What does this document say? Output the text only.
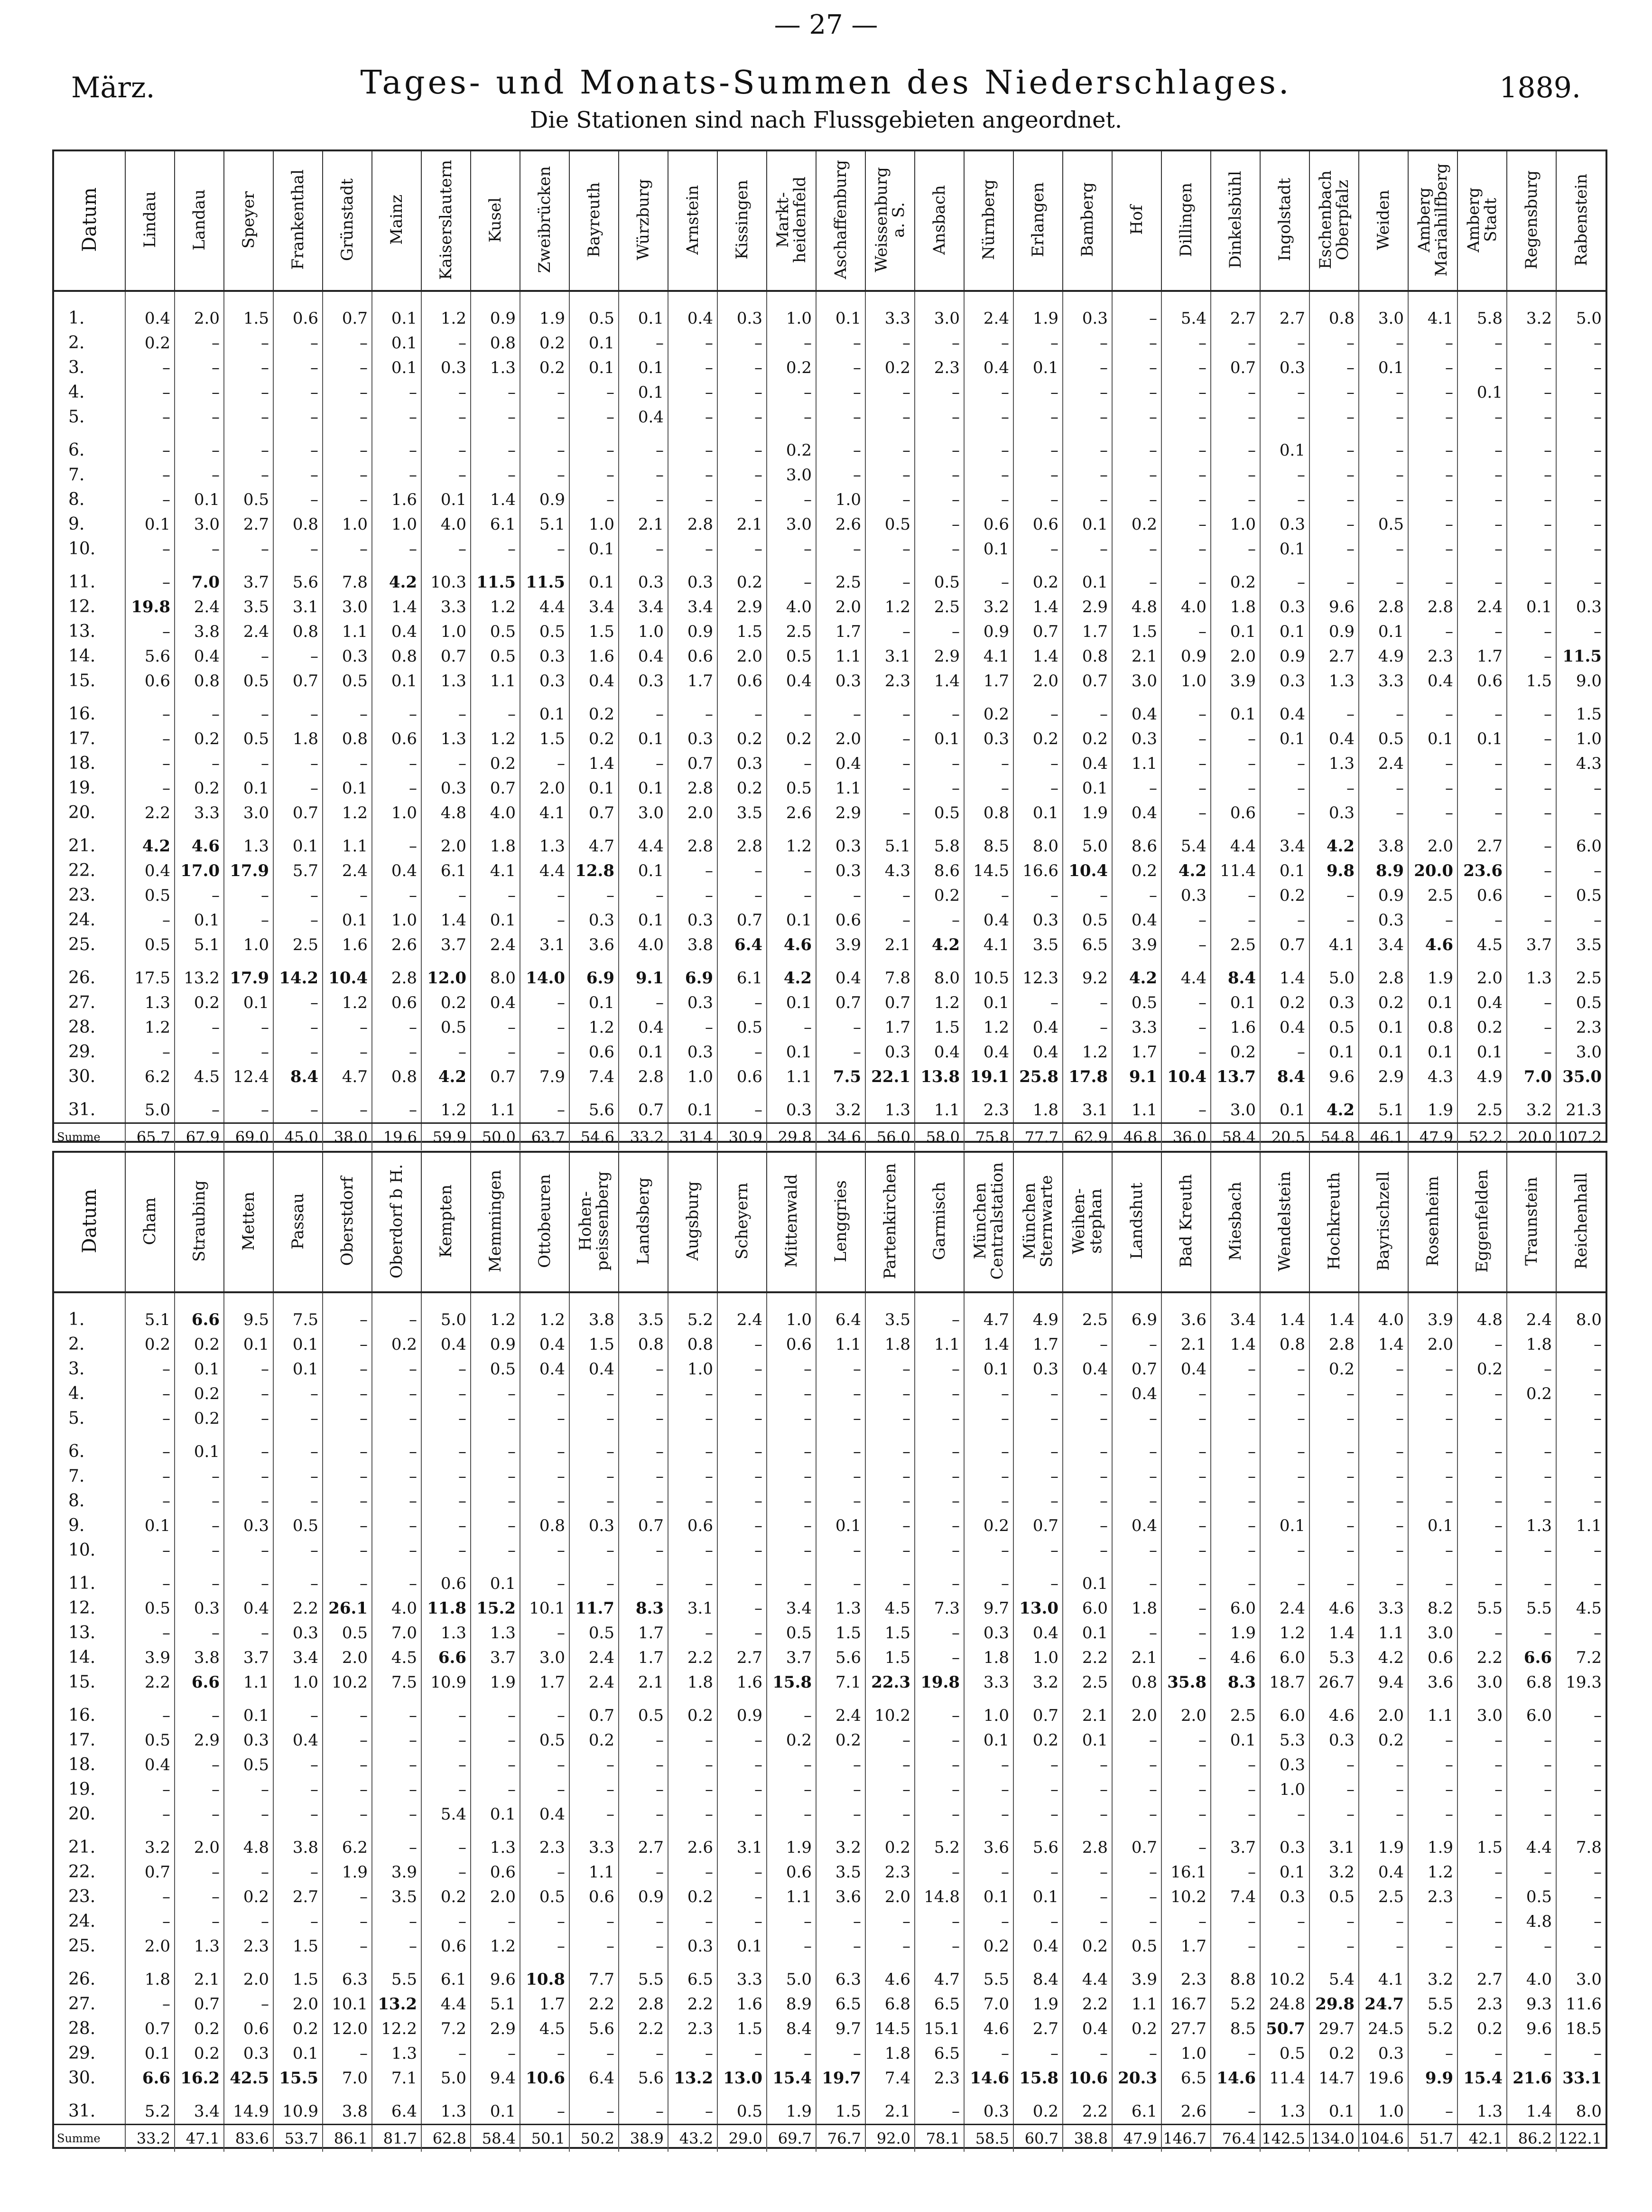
— 27 —
März.	Tages- und Monats-Summen des Niederschlages.	1889.
Die Stationen sind nach Flussgebieten angeordnet.
Datum	Lindau	Landau	Speyer	Frankenthal	Grünstadt	Mainz	Kaiserslautern	Kusel	Zweibrücken	Bayreuth	Würzburg	Arnstein	Kissingen	Markt-
heidenfeld	Aschaffenburg	Weissenburg
a. S.	Ansbach	Nürnberg	Erlangen	Bamberg	Hof	Dillingen	Dinkelsbühl	Ingolstadt	Eschenbach
Oberpfalz	Weiden	Amberg
Mariahilfberg	Amberg
Stadt	Regensburg	Rabenstein

1.	0.4	2.0	1.5	0.6	0.7	0.1	1.2	0.9	1.9	0.5	0.1	0.4	0.3	1.0	0.1	3.3	3.0	2.4	1.9	0.3	–	5.4	2.7	2.7	0.8	3.0	4.1	5.8	3.2	5.0
2.	0.2	–	–	–	–	0.1	–	0.8	0.2	0.1	–	–	–	–	–	–	–	–	–	–	–	–	–	–	–	–	–	–	–	–
3.	–	–	–	–	–	0.1	0.3	1.3	0.2	0.1	0.1	–	–	0.2	–	0.2	2.3	0.4	0.1	–	–	–	0.7	0.3	–	0.1	–	–	–	–
4.	–	–	–	–	–	–	–	–	–	–	0.1	–	–	–	–	–	–	–	–	–	–	–	–	–	–	–	–	0.1	–	–
5.	–	–	–	–	–	–	–	–	–	–	0.4	–	–	–	–	–	–	–	–	–	–	–	–	–	–	–	–	–	–	–

6.	–	–	–	–	–	–	–	–	–	–	–	–	–	0.2	–	–	–	–	–	–	–	–	–	0.1	–	–	–	–	–	–
7.	–	–	–	–	–	–	–	–	–	–	–	–	–	3.0	–	–	–	–	–	–	–	–	–	–	–	–	–	–	–	–
8.	–	0.1	0.5	–	–	1.6	0.1	1.4	0.9	–	–	–	–	–	1.0	–	–	–	–	–	–	–	–	–	–	–	–	–	–	–
9.	0.1	3.0	2.7	0.8	1.0	1.0	4.0	6.1	5.1	1.0	2.1	2.8	2.1	3.0	2.6	0.5	–	0.6	0.6	0.1	0.2	–	1.0	0.3	–	0.5	–	–	–	–
10.	–	–	–	–	–	–	–	–	–	0.1	–	–	–	–	–	–	–	0.1	–	–	–	–	–	0.1	–	–	–	–	–	–

11.	–	7.0	3.7	5.6	7.8	4.2	10.3	11.5	11.5	0.1	0.3	0.3	0.2	–	2.5	–	0.5	–	0.2	0.1	–	–	0.2	–	–	–	–	–	–	–
12.	19.8	2.4	3.5	3.1	3.0	1.4	3.3	1.2	4.4	3.4	3.4	3.4	2.9	4.0	2.0	1.2	2.5	3.2	1.4	2.9	4.8	4.0	1.8	0.3	9.6	2.8	2.8	2.4	0.1	0.3
13.	–	3.8	2.4	0.8	1.1	0.4	1.0	0.5	0.5	1.5	1.0	0.9	1.5	2.5	1.7	–	–	0.9	0.7	1.7	1.5	–	0.1	0.1	0.9	0.1	–	–	–	–
14.	5.6	0.4	–	–	0.3	0.8	0.7	0.5	0.3	1.6	0.4	0.6	2.0	0.5	1.1	3.1	2.9	4.1	1.4	0.8	2.1	0.9	2.0	0.9	2.7	4.9	2.3	1.7	–	11.5
15.	0.6	0.8	0.5	0.7	0.5	0.1	1.3	1.1	0.3	0.4	0.3	1.7	0.6	0.4	0.3	2.3	1.4	1.7	2.0	0.7	3.0	1.0	3.9	0.3	1.3	3.3	0.4	0.6	1.5	9.0

16.	–	–	–	–	–	–	–	–	0.1	0.2	–	–	–	–	–	–	–	0.2	–	–	0.4	–	0.1	0.4	–	–	–	–	–	1.5
17.	–	0.2	0.5	1.8	0.8	0.6	1.3	1.2	1.5	0.2	0.1	0.3	0.2	0.2	2.0	–	0.1	0.3	0.2	0.2	0.3	–	–	0.1	0.4	0.5	0.1	0.1	–	1.0
18.	–	–	–	–	–	–	–	0.2	–	1.4	–	0.7	0.3	–	0.4	–	–	–	–	0.4	1.1	–	–	–	1.3	2.4	–	–	–	4.3
19.	–	0.2	0.1	–	0.1	–	0.3	0.7	2.0	0.1	0.1	2.8	0.2	0.5	1.1	–	–	–	–	0.1	–	–	–	–	–	–	–	–	–	–
20.	2.2	3.3	3.0	0.7	1.2	1.0	4.8	4.0	4.1	0.7	3.0	2.0	3.5	2.6	2.9	–	0.5	0.8	0.1	1.9	0.4	–	0.6	–	0.3	–	–	–	–	–

21.	4.2	4.6	1.3	0.1	1.1	–	2.0	1.8	1.3	4.7	4.4	2.8	2.8	1.2	0.3	5.1	5.8	8.5	8.0	5.0	8.6	5.4	4.4	3.4	4.2	3.8	2.0	2.7	–	6.0
22.	0.4	17.0	17.9	5.7	2.4	0.4	6.1	4.1	4.4	12.8	0.1	–	–	–	0.3	4.3	8.6	14.5	16.6	10.4	0.2	4.2	11.4	0.1	9.8	8.9	20.0	23.6	–	–
23.	0.5	–	–	–	–	–	–	–	–	–	–	–	–	–	–	–	0.2	–	–	–	–	0.3	–	0.2	–	0.9	2.5	0.6	–	0.5
24.	–	0.1	–	–	0.1	1.0	1.4	0.1	–	0.3	0.1	0.3	0.7	0.1	0.6	–	–	0.4	0.3	0.5	0.4	–	–	–	–	0.3	–	–	–	–
25.	0.5	5.1	1.0	2.5	1.6	2.6	3.7	2.4	3.1	3.6	4.0	3.8	6.4	4.6	3.9	2.1	4.2	4.1	3.5	6.5	3.9	–	2.5	0.7	4.1	3.4	4.6	4.5	3.7	3.5

26.	17.5	13.2	17.9	14.2	10.4	2.8	12.0	8.0	14.0	6.9	9.1	6.9	6.1	4.2	0.4	7.8	8.0	10.5	12.3	9.2	4.2	4.4	8.4	1.4	5.0	2.8	1.9	2.0	1.3	2.5
27.	1.3	0.2	0.1	–	1.2	0.6	0.2	0.4	–	0.1	–	0.3	–	0.1	0.7	0.7	1.2	0.1	–	–	0.5	–	0.1	0.2	0.3	0.2	0.1	0.4	–	0.5
28.	1.2	–	–	–	–	–	0.5	–	–	1.2	0.4	–	0.5	–	–	1.7	1.5	1.2	0.4	–	3.3	–	1.6	0.4	0.5	0.1	0.8	0.2	–	2.3
29.	–	–	–	–	–	–	–	–	–	0.6	0.1	0.3	–	0.1	–	0.3	0.4	0.4	0.4	1.2	1.7	–	0.2	–	0.1	0.1	0.1	0.1	–	3.0
30.	6.2	4.5	12.4	8.4	4.7	0.8	4.2	0.7	7.9	7.4	2.8	1.0	0.6	1.1	7.5	22.1	13.8	19.1	25.8	17.8	9.1	10.4	13.7	8.4	9.6	2.9	4.3	4.9	7.0	35.0

31.	5.0	–	–	–	–	–	1.2	1.1	–	5.6	0.7	0.1	–	0.3	3.2	1.3	1.1	2.3	1.8	3.1	1.1	–	3.0	0.1	4.2	5.1	1.9	2.5	3.2	21.3
Summe	65.7	67.9	69.0	45.0	38.0	19.6	59.9	50.0	63.7	54.6	33.2	31.4	30.9	29.8	34.6	56.0	58.0	75.8	77.7	62.9	46.8	36.0	58.4	20.5	54.8	46.1	47.9	52.2	20.0	107.2
Datum	Cham	Straubing	Metten	Passau	Oberstdorf	Oberdorf b H.	Kempten	Memmingen	Ottobeuren	Hohen-
peissenberg	Landsberg	Augsburg	Scheyern	Mittenwald	Lenggries	Partenkirchen	Garmisch	München
Centralstation	München
Sternwarte	Weihen-
stephan	Landshut	Bad Kreuth	Miesbach	Wendelstein	Hochkreuth	Bayrischzell	Rosenheim	Eggenfelden	Traunstein	Reichenhall

1.	5.1	6.6	9.5	7.5	–	–	5.0	1.2	1.2	3.8	3.5	5.2	2.4	1.0	6.4	3.5	–	4.7	4.9	2.5	6.9	3.6	3.4	1.4	1.4	4.0	3.9	4.8	2.4	8.0
2.	0.2	0.2	0.1	0.1	–	0.2	0.4	0.9	0.4	1.5	0.8	0.8	–	0.6	1.1	1.8	1.1	1.4	1.7	–	–	2.1	1.4	0.8	2.8	1.4	2.0	–	1.8	–
3.	–	0.1	–	0.1	–	–	–	0.5	0.4	0.4	–	1.0	–	–	–	–	–	0.1	0.3	0.4	0.7	0.4	–	–	0.2	–	–	0.2	–	–
4.	–	0.2	–	–	–	–	–	–	–	–	–	–	–	–	–	–	–	–	–	–	0.4	–	–	–	–	–	–	–	0.2	–
5.	–	0.2	–	–	–	–	–	–	–	–	–	–	–	–	–	–	–	–	–	–	–	–	–	–	–	–	–	–	–	–

6.	–	0.1	–	–	–	–	–	–	–	–	–	–	–	–	–	–	–	–	–	–	–	–	–	–	–	–	–	–	–	–
7.	–	–	–	–	–	–	–	–	–	–	–	–	–	–	–	–	–	–	–	–	–	–	–	–	–	–	–	–	–	–
8.	–	–	–	–	–	–	–	–	–	–	–	–	–	–	–	–	–	–	–	–	–	–	–	–	–	–	–	–	–	–
9.	0.1	–	0.3	0.5	–	–	–	–	0.8	0.3	0.7	0.6	–	–	0.1	–	–	0.2	0.7	–	0.4	–	–	0.1	–	–	0.1	–	1.3	1.1
10.	–	–	–	–	–	–	–	–	–	–	–	–	–	–	–	–	–	–	–	–	–	–	–	–	–	–	–	–	–	–

11.	–	–	–	–	–	–	0.6	0.1	–	–	–	–	–	–	–	–	–	–	–	0.1	–	–	–	–	–	–	–	–	–	–
12.	0.5	0.3	0.4	2.2	26.1	4.0	11.8	15.2	10.1	11.7	8.3	3.1	–	3.4	1.3	4.5	7.3	9.7	13.0	6.0	1.8	–	6.0	2.4	4.6	3.3	8.2	5.5	5.5	4.5
13.	–	–	–	0.3	0.5	7.0	1.3	1.3	–	0.5	1.7	–	–	0.5	1.5	1.5	–	0.3	0.4	0.1	–	–	1.9	1.2	1.4	1.1	3.0	–	–	–
14.	3.9	3.8	3.7	3.4	2.0	4.5	6.6	3.7	3.0	2.4	1.7	2.2	2.7	3.7	5.6	1.5	–	1.8	1.0	2.2	2.1	–	4.6	6.0	5.3	4.2	0.6	2.2	6.6	7.2
15.	2.2	6.6	1.1	1.0	10.2	7.5	10.9	1.9	1.7	2.4	2.1	1.8	1.6	15.8	7.1	22.3	19.8	3.3	3.2	2.5	0.8	35.8	8.3	18.7	26.7	9.4	3.6	3.0	6.8	19.3

16.	–	–	0.1	–	–	–	–	–	–	0.7	0.5	0.2	0.9	–	2.4	10.2	–	1.0	0.7	2.1	2.0	2.0	2.5	6.0	4.6	2.0	1.1	3.0	6.0	–
17.	0.5	2.9	0.3	0.4	–	–	–	–	0.5	0.2	–	–	–	0.2	0.2	–	–	0.1	0.2	0.1	–	–	0.1	5.3	0.3	0.2	–	–	–	–
18.	0.4	–	0.5	–	–	–	–	–	–	–	–	–	–	–	–	–	–	–	–	–	–	–	–	0.3	–	–	–	–	–	–
19.	–	–	–	–	–	–	–	–	–	–	–	–	–	–	–	–	–	–	–	–	–	–	–	1.0	–	–	–	–	–	–
20.	–	–	–	–	–	–	5.4	0.1	0.4	–	–	–	–	–	–	–	–	–	–	–	–	–	–	–	–	–	–	–	–	–

21.	3.2	2.0	4.8	3.8	6.2	–	–	1.3	2.3	3.3	2.7	2.6	3.1	1.9	3.2	0.2	5.2	3.6	5.6	2.8	0.7	–	3.7	0.3	3.1	1.9	1.9	1.5	4.4	7.8
22.	0.7	–	–	–	1.9	3.9	–	0.6	–	1.1	–	–	–	0.6	3.5	2.3	–	–	–	–	–	16.1	–	0.1	3.2	0.4	1.2	–	–	–
23.	–	–	0.2	2.7	–	3.5	0.2	2.0	0.5	0.6	0.9	0.2	–	1.1	3.6	2.0	14.8	0.1	0.1	–	–	10.2	7.4	0.3	0.5	2.5	2.3	–	0.5	–
24.	–	–	–	–	–	–	–	–	–	–	–	–	–	–	–	–	–	–	–	–	–	–	–	–	–	–	–	–	4.8	–
25.	2.0	1.3	2.3	1.5	–	–	0.6	1.2	–	–	–	0.3	0.1	–	–	–	–	0.2	0.4	0.2	0.5	1.7	–	–	–	–	–	–	–	–

26.	1.8	2.1	2.0	1.5	6.3	5.5	6.1	9.6	10.8	7.7	5.5	6.5	3.3	5.0	6.3	4.6	4.7	5.5	8.4	4.4	3.9	2.3	8.8	10.2	5.4	4.1	3.2	2.7	4.0	3.0
27.	–	0.7	–	2.0	10.1	13.2	4.4	5.1	1.7	2.2	2.8	2.2	1.6	8.9	6.5	6.8	6.5	7.0	1.9	2.2	1.1	16.7	5.2	24.8	29.8	24.7	5.5	2.3	9.3	11.6
28.	0.7	0.2	0.6	0.2	12.0	12.2	7.2	2.9	4.5	5.6	2.2	2.3	1.5	8.4	9.7	14.5	15.1	4.6	2.7	0.4	0.2	27.7	8.5	50.7	29.7	24.5	5.2	0.2	9.6	18.5
29.	0.1	0.2	0.3	0.1	–	1.3	–	–	–	–	–	–	–	–	–	1.8	6.5	–	–	–	–	1.0	–	0.5	0.2	0.3	–	–	–	–
30.	6.6	16.2	42.5	15.5	7.0	7.1	5.0	9.4	10.6	6.4	5.6	13.2	13.0	15.4	19.7	7.4	2.3	14.6	15.8	10.6	20.3	6.5	14.6	11.4	14.7	19.6	9.9	15.4	21.6	33.1

31.	5.2	3.4	14.9	10.9	3.8	6.4	1.3	0.1	–	–	–	–	0.5	1.9	1.5	2.1	–	0.3	0.2	2.2	6.1	2.6	–	1.3	0.1	1.0	–	1.3	1.4	8.0
Summe	33.2	47.1	83.6	53.7	86.1	81.7	62.8	58.4	50.1	50.2	38.9	43.2	29.0	69.7	76.7	92.0	78.1	58.5	60.7	38.8	47.9	146.7	76.4	142.5	134.0	104.6	51.7	42.1	86.2	122.1
